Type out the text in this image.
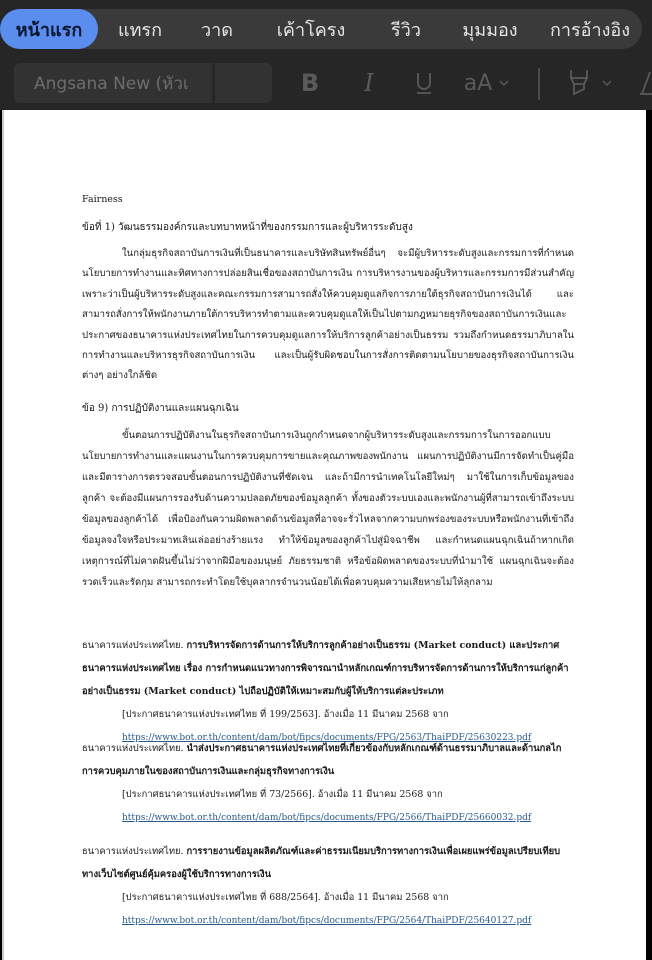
หน้าแรก	แทรก	วาด	เค้าโครง	รีวิว	มุมมอง	การอ้างอิง
Angsana New (หัวเ	B I	aA
Fairness
ข้อที่ 1) วัฒนธรรมองค์กรและบทบาทหน้าที่ของกรรมการและผู้บริหารระดับสูง
ในกลุ่มธุรกิจสถาบันการเงินที่เป็นธนาคารและบริษัทสินทรัพย์อื่นๆ จะมีผู้บริหารระดับสูงและกรรมการที่กำหนดนโยบายการทำงานและทิศทางการปล่อยสินเชื่อของสถาบันการเงิน การบริหารงานของผู้บริหารและกรรมการมีส่วนสำคัญเพราะว่าเป็นผู้บริหารระดับสูงและคณะกรรมการสามารถสั่งให้ควบคุมดูแลกิจการภายใต้ธุรกิจสถาบันการเงินได้ และสามารถสั่งการให้พนักงานภายใต้การบริหารทำตามและควบคุมดูแลให้เป็นไปตามกฎหมายธุรกิจของสถาบันการเงินและประกาศของธนาคารแห่งประเทศไทยในการควบคุมดูแลการให้บริการลูกค้าอย่างเป็นธรรม รวมถึงกำหนดธรรมาภิบาลในการทำงานและบริหารธุรกิจสถาบันการเงิน และเป็นผู้รับผิดชอบในการสั่งการติดตามนโยบายของธุรกิจสถาบันการเงินต่างๆ อย่างใกล้ชิด
ข้อ 9) การปฏิบัติงานและแผนฉุกเฉิน
ขั้นตอนการปฏิบัติงานในธุรกิจสถาบันการเงินถูกกำหนดจากผู้บริหารระดับสูงและกรรมการในการออกแบบนโยบายการทำงานและแผนงานในการควบคุมการขายและคุณภาพของพนักงาน แผนการปฏิบัติงานมีการจัดทำเป็นคู่มือและมีตารางการตรวจสอบขั้นตอนการปฏิบัติงานที่ชัดเจน และถ้ามีการนำเทคโนโลยีใหม่ๆ มาใช้ในการเก็บข้อมูลของลูกค้า จะต้องมีแผนการรองรับด้านความปลอดภัยของข้อมูลลูกค้า ทั้งของตัวระบบเองและพนักงานผู้ที่สามารถเข้าถึงระบบข้อมูลของลูกค้าได้ เพื่อป้องกันความผิดพลาดด้านข้อมูลที่อาจจะรั่วไหลจากความบกพร่องของระบบหรือพนักงานที่เข้าถึงข้อมูลจงใจหรือประมาทเลินเล่ออย่างร้ายแรง ทำให้ข้อมูลของลูกค้าไปสู่มิจฉาชีพ และกำหนดแผนฉุกเฉินถ้าหากเกิดเหตุการณ์ที่ไม่คาดฝันขึ้นไม่ว่าจากฝีมือของมนุษย์ ภัยธรรมชาติ หรือข้อผิดพลาดของระบบที่นำมาใช้ แผนฉุกเฉินจะต้องรวดเร็วและรัดกุม สามารถกระทำโดยใช้บุคลากรจำนวนน้อยได้เพื่อควบคุมความเสียหายไม่ให้ลุกลาม
ธนาคารแห่งประเทศไทย. การบริหารจัดการด้านการให้บริการลูกค้าอย่างเป็นธรรม (Market conduct) และประกาศธนาคารแห่งประเทศไทย เรื่อง การกำหนดแนวทางการพิจารณานำหลักเกณฑ์การบริหารจัดการด้านการให้บริการแก่ลูกค้าอย่างเป็นธรรม (Market conduct) ไปถือปฏิบัติให้เหมาะสมกับผู้ให้บริการแต่ละประเภท
[ประกาศธนาคารแห่งประเทศไทย ที่ 199/2563]. อ้างเมื่อ 11 มีนาคม 2568 จาก
https://www.bot.or.th/content/dam/bot/fipcs/documents/FPG/2563/ThaiPDF/25630223.pdf
ธนาคารแห่งประเทศไทย. นำส่งประกาศธนาคารแห่งประเทศไทยที่เกี่ยวข้องกับหลักเกณฑ์ด้านธรรมาภิบาลและด้านกลไกการควบคุมภายในของสถาบันการเงินและกลุ่มธุรกิจทางการเงิน
[ประกาศธนาคารแห่งประเทศไทย ที่ 73/2566]. อ้างเมื่อ 11 มีนาคม 2568 จาก
https://www.bot.or.th/content/dam/bot/fipcs/documents/FPG/2566/ThaiPDF/25660032.pdf
ธนาคารแห่งประเทศไทย. การรายงานข้อมูลผลิตภัณฑ์และค่าธรรมเนียมบริการทางการเงินเพื่อเผยแพร่ข้อมูลเปรียบเทียบทางเว็บไซต์ศูนย์คุ้มครองผู้ใช้บริการทางการเงิน
[ประกาศธนาคารแห่งประเทศไทย ที่ 688/2564]. อ้างเมื่อ 11 มีนาคม 2568 จาก
https://www.bot.or.th/content/dam/bot/fipcs/documents/FPG/2564/ThaiPDF/25640127.pdf
